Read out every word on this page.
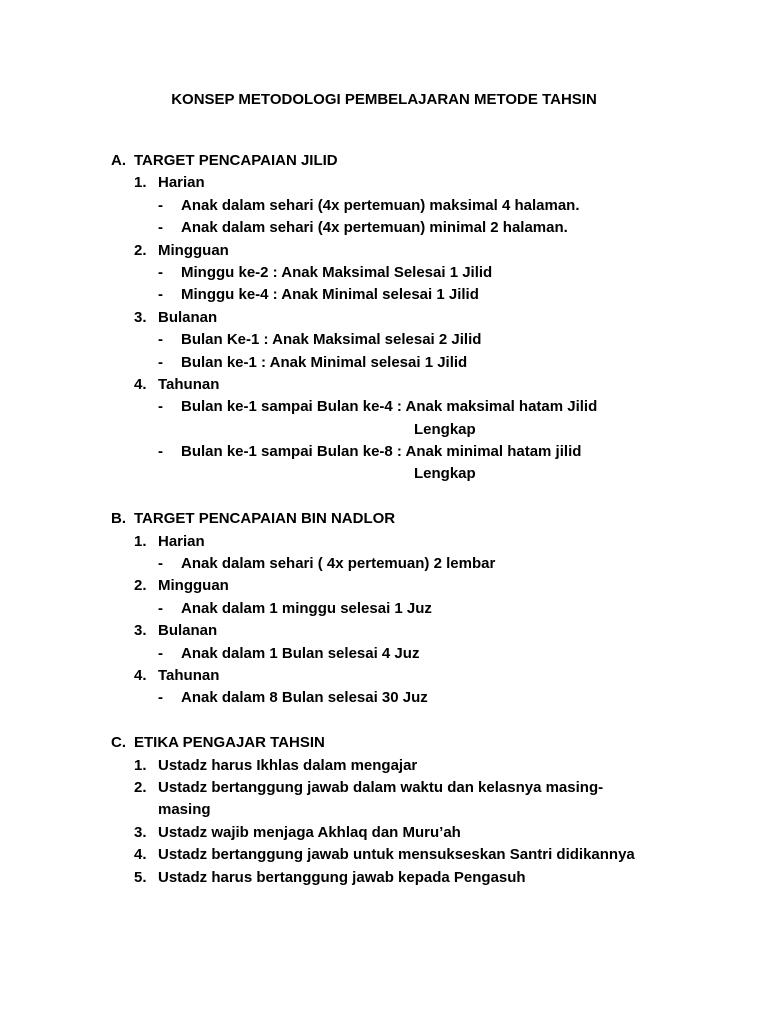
KONSEP METODOLOGI PEMBELAJARAN METODE TAHSIN
A. TARGET PENCAPAIAN JILID
1. Harian
- Anak dalam sehari (4x pertemuan) maksimal 4 halaman.
- Anak dalam sehari (4x pertemuan) minimal 2 halaman.
2. Mingguan
- Minggu ke-2 : Anak Maksimal Selesai 1 Jilid
- Minggu ke-4 : Anak Minimal selesai 1 Jilid
3. Bulanan
- Bulan Ke-1 : Anak Maksimal selesai 2 Jilid
- Bulan ke-1 : Anak Minimal selesai 1 Jilid
4. Tahunan
- Bulan ke-1 sampai Bulan ke-4 : Anak maksimal hatam Jilid
Lengkap
- Bulan ke-1 sampai Bulan ke-8 : Anak minimal hatam jilid
Lengkap
B. TARGET PENCAPAIAN BIN NADLOR
1. Harian
- Anak dalam sehari ( 4x pertemuan) 2 lembar
2. Mingguan
- Anak dalam 1 minggu selesai 1 Juz
3. Bulanan
- Anak dalam 1 Bulan selesai 4 Juz
4. Tahunan
- Anak dalam 8 Bulan selesai 30 Juz
C. ETIKA PENGAJAR TAHSIN
1. Ustadz harus Ikhlas dalam mengajar
2. Ustadz bertanggung jawab dalam waktu dan kelasnya masing-
masing
3. Ustadz wajib menjaga Akhlaq dan Muru’ah
4. Ustadz bertanggung jawab untuk mensukseskan Santri didikannya
5. Ustadz harus bertanggung jawab kepada Pengasuh
